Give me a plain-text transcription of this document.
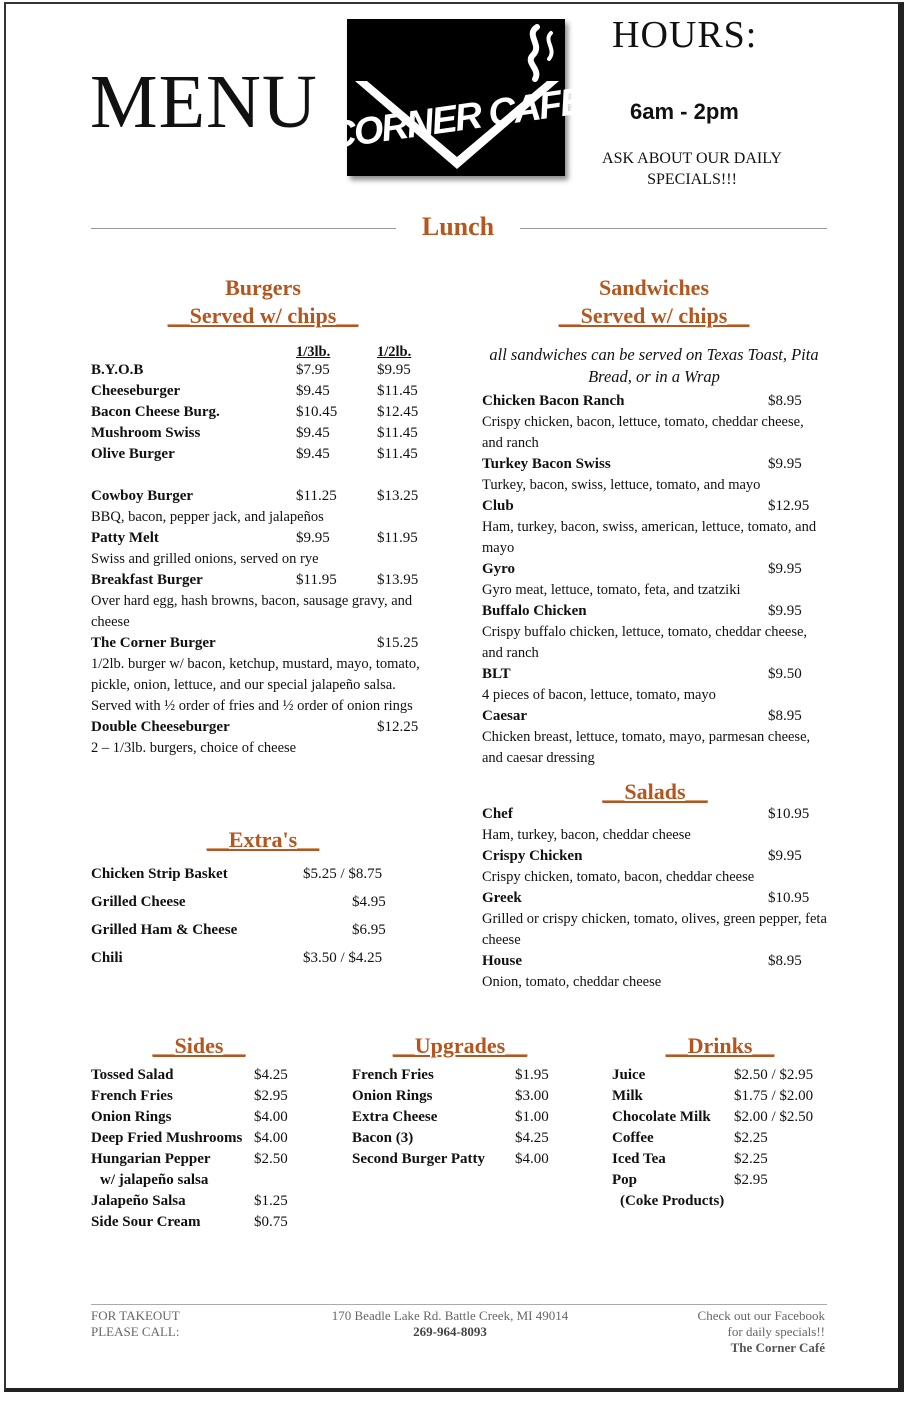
MENU CORNER CAFE
HOURS:
6am - 2pm
ASK ABOUT OUR DAILY SPECIALS!!!
Lunch
Burgers
__Served w/ chips__
1/3lb.	1/2lb.
B.Y.O.B	$7.95	$9.95
Cheeseburger	$9.45	$11.45
Bacon Cheese Burg.	$10.45	$12.45
Mushroom Swiss	$9.45	$11.45
Olive Burger	$9.45	$11.45
Cowboy Burger	$11.25	$13.25
BBQ, bacon, pepper jack, and jalapeños
Patty Melt	$9.95	$11.95
Swiss and grilled onions, served on rye
Breakfast Burger	$11.95	$13.95
Over hard egg, hash browns, bacon, sausage gravy, and cheese
The Corner Burger	$15.25
1/2lb. burger w/ bacon, ketchup, mustard, mayo, tomato, pickle, onion, lettuce, and our special jalapeño salsa. Served with ½ order of fries and ½ order of onion rings
Double Cheeseburger	$12.25
2 – 1/3lb. burgers, choice of cheese
__Extra's__
Chicken Strip Basket	$5.25 / $8.75
Grilled Cheese	$4.95
Grilled Ham & Cheese	$6.95
Chili	$3.50 / $4.25
Sandwiches
__Served w/ chips__
all sandwiches can be served on Texas Toast, Pita Bread, or in a Wrap
Chicken Bacon Ranch	$8.95
Crispy chicken, bacon, lettuce, tomato, cheddar cheese, and ranch
Turkey Bacon Swiss	$9.95
Turkey, bacon, swiss, lettuce, tomato, and mayo
Club	$12.95
Ham, turkey, bacon, swiss, american, lettuce, tomato, and mayo
Gyro	$9.95
Gyro meat, lettuce, tomato, feta, and tzatziki
Buffalo Chicken	$9.95
Crispy buffalo chicken, lettuce, tomato, cheddar cheese, and ranch
BLT	$9.50
4 pieces of bacon, lettuce, tomato, mayo
Caesar	$8.95
Chicken breast, lettuce, tomato, mayo, parmesan cheese, and caesar dressing
__Salads__
Chef	$10.95
Ham, turkey, bacon, cheddar cheese
Crispy Chicken	$9.95
Crispy chicken, tomato, bacon, cheddar cheese
Greek	$10.95
Grilled or crispy chicken, tomato, olives, green pepper, feta cheese
House	$8.95
Onion, tomato, cheddar cheese
__Sides__
Tossed Salad	$4.25
French Fries	$2.95
Onion Rings	$4.00
Deep Fried Mushrooms $4.00
Hungarian Pepper	$2.50
w/ jalapeño salsa
Jalapeño Salsa	$1.25
Side Sour Cream	$0.75
__Upgrades__
French Fries	$1.95
Onion Rings	$3.00
Extra Cheese	$1.00
Bacon (3)	$4.25
Second Burger Patty $4.00
__Drinks__
Juice	$2.50 / $2.95
Milk	$1.75 / $2.00
Chocolate Milk $2.00 / $2.50
Coffee	$2.25
Iced Tea	$2.25
Pop	$2.95
(Coke Products)
FOR TAKEOUT
PLEASE CALL:
170 Beadle Lake Rd. Battle Creek, MI 49014
269-964-8093
Check out our Facebook
for daily specials!!
The Corner Café
